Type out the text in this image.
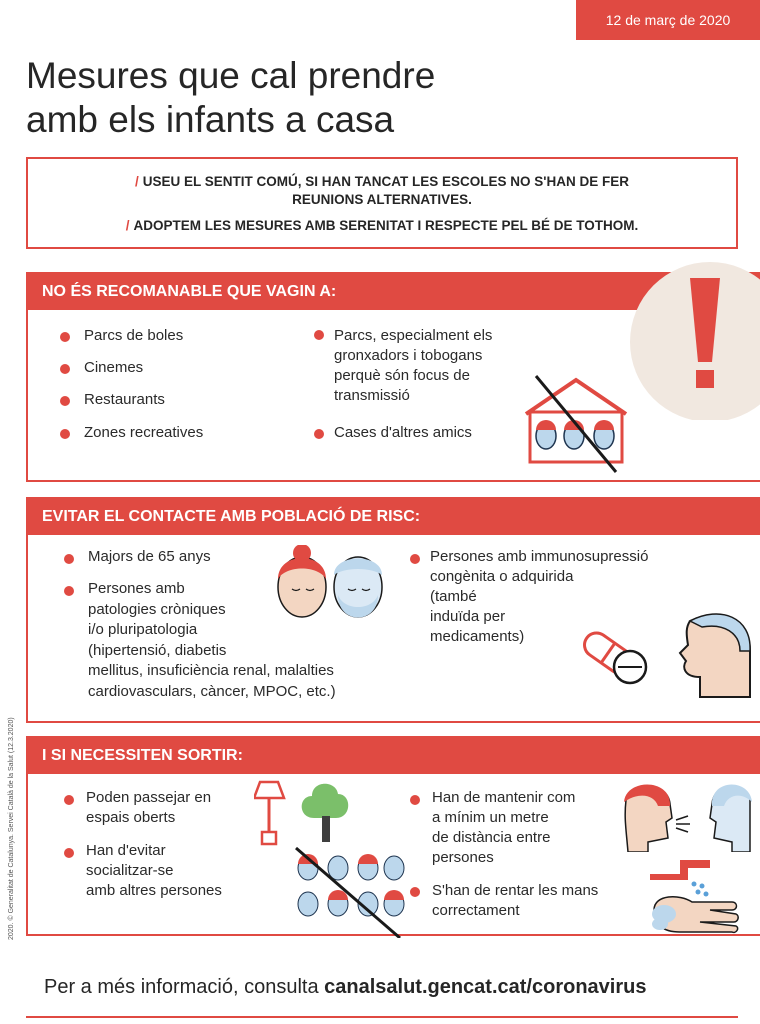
12 de març de 2020
Mesures que cal prendre
amb els infants a casa

/ USEU EL SENTIT COMÚ, SI HAN TANCAT LES ESCOLES NO S'HAN DE FER
REUNIONS ALTERNATIVES.

/ ADOPTEM LES MESURES AMB SERENITAT I RESPECTE PEL BÉ DE TOTHOM.

NO ÉS RECOMANABLE QUE VAGIN A:
Parcs de boles
Cinemes
Restaurants
Zones recreatives
Parcs, especialment els
gronxadors i tobogans
perquè són focus de
transmissió
Cases d'altres amics
EVITAR EL CONTACTE AMB POBLACIÓ DE RISC:
Majors de 65 anys
Persones amb
patologies cròniques
i/o pluripatologia
(hipertensió, diabetis
mellitus, insuficiència renal, malalties
cardiovasculars, càncer, MPOC, etc.)
Persones amb immunosupressió
congènita o adquirida
(també
induïda per
medicaments)
I SI NECESSITEN SORTIR:
Poden passejar en
espais oberts
Han d'evitar
socialitzar-se
amb altres persones
Han de mantenir com
a mínim un metre
de distància entre
persones
S'han de rentar les mans
correctament
2020. © Generalitat de Catalunya. Servei Català de la Salut (12.3.2020)
Per a més informació, consulta canalsalut.gencat.cat/coronavirus
